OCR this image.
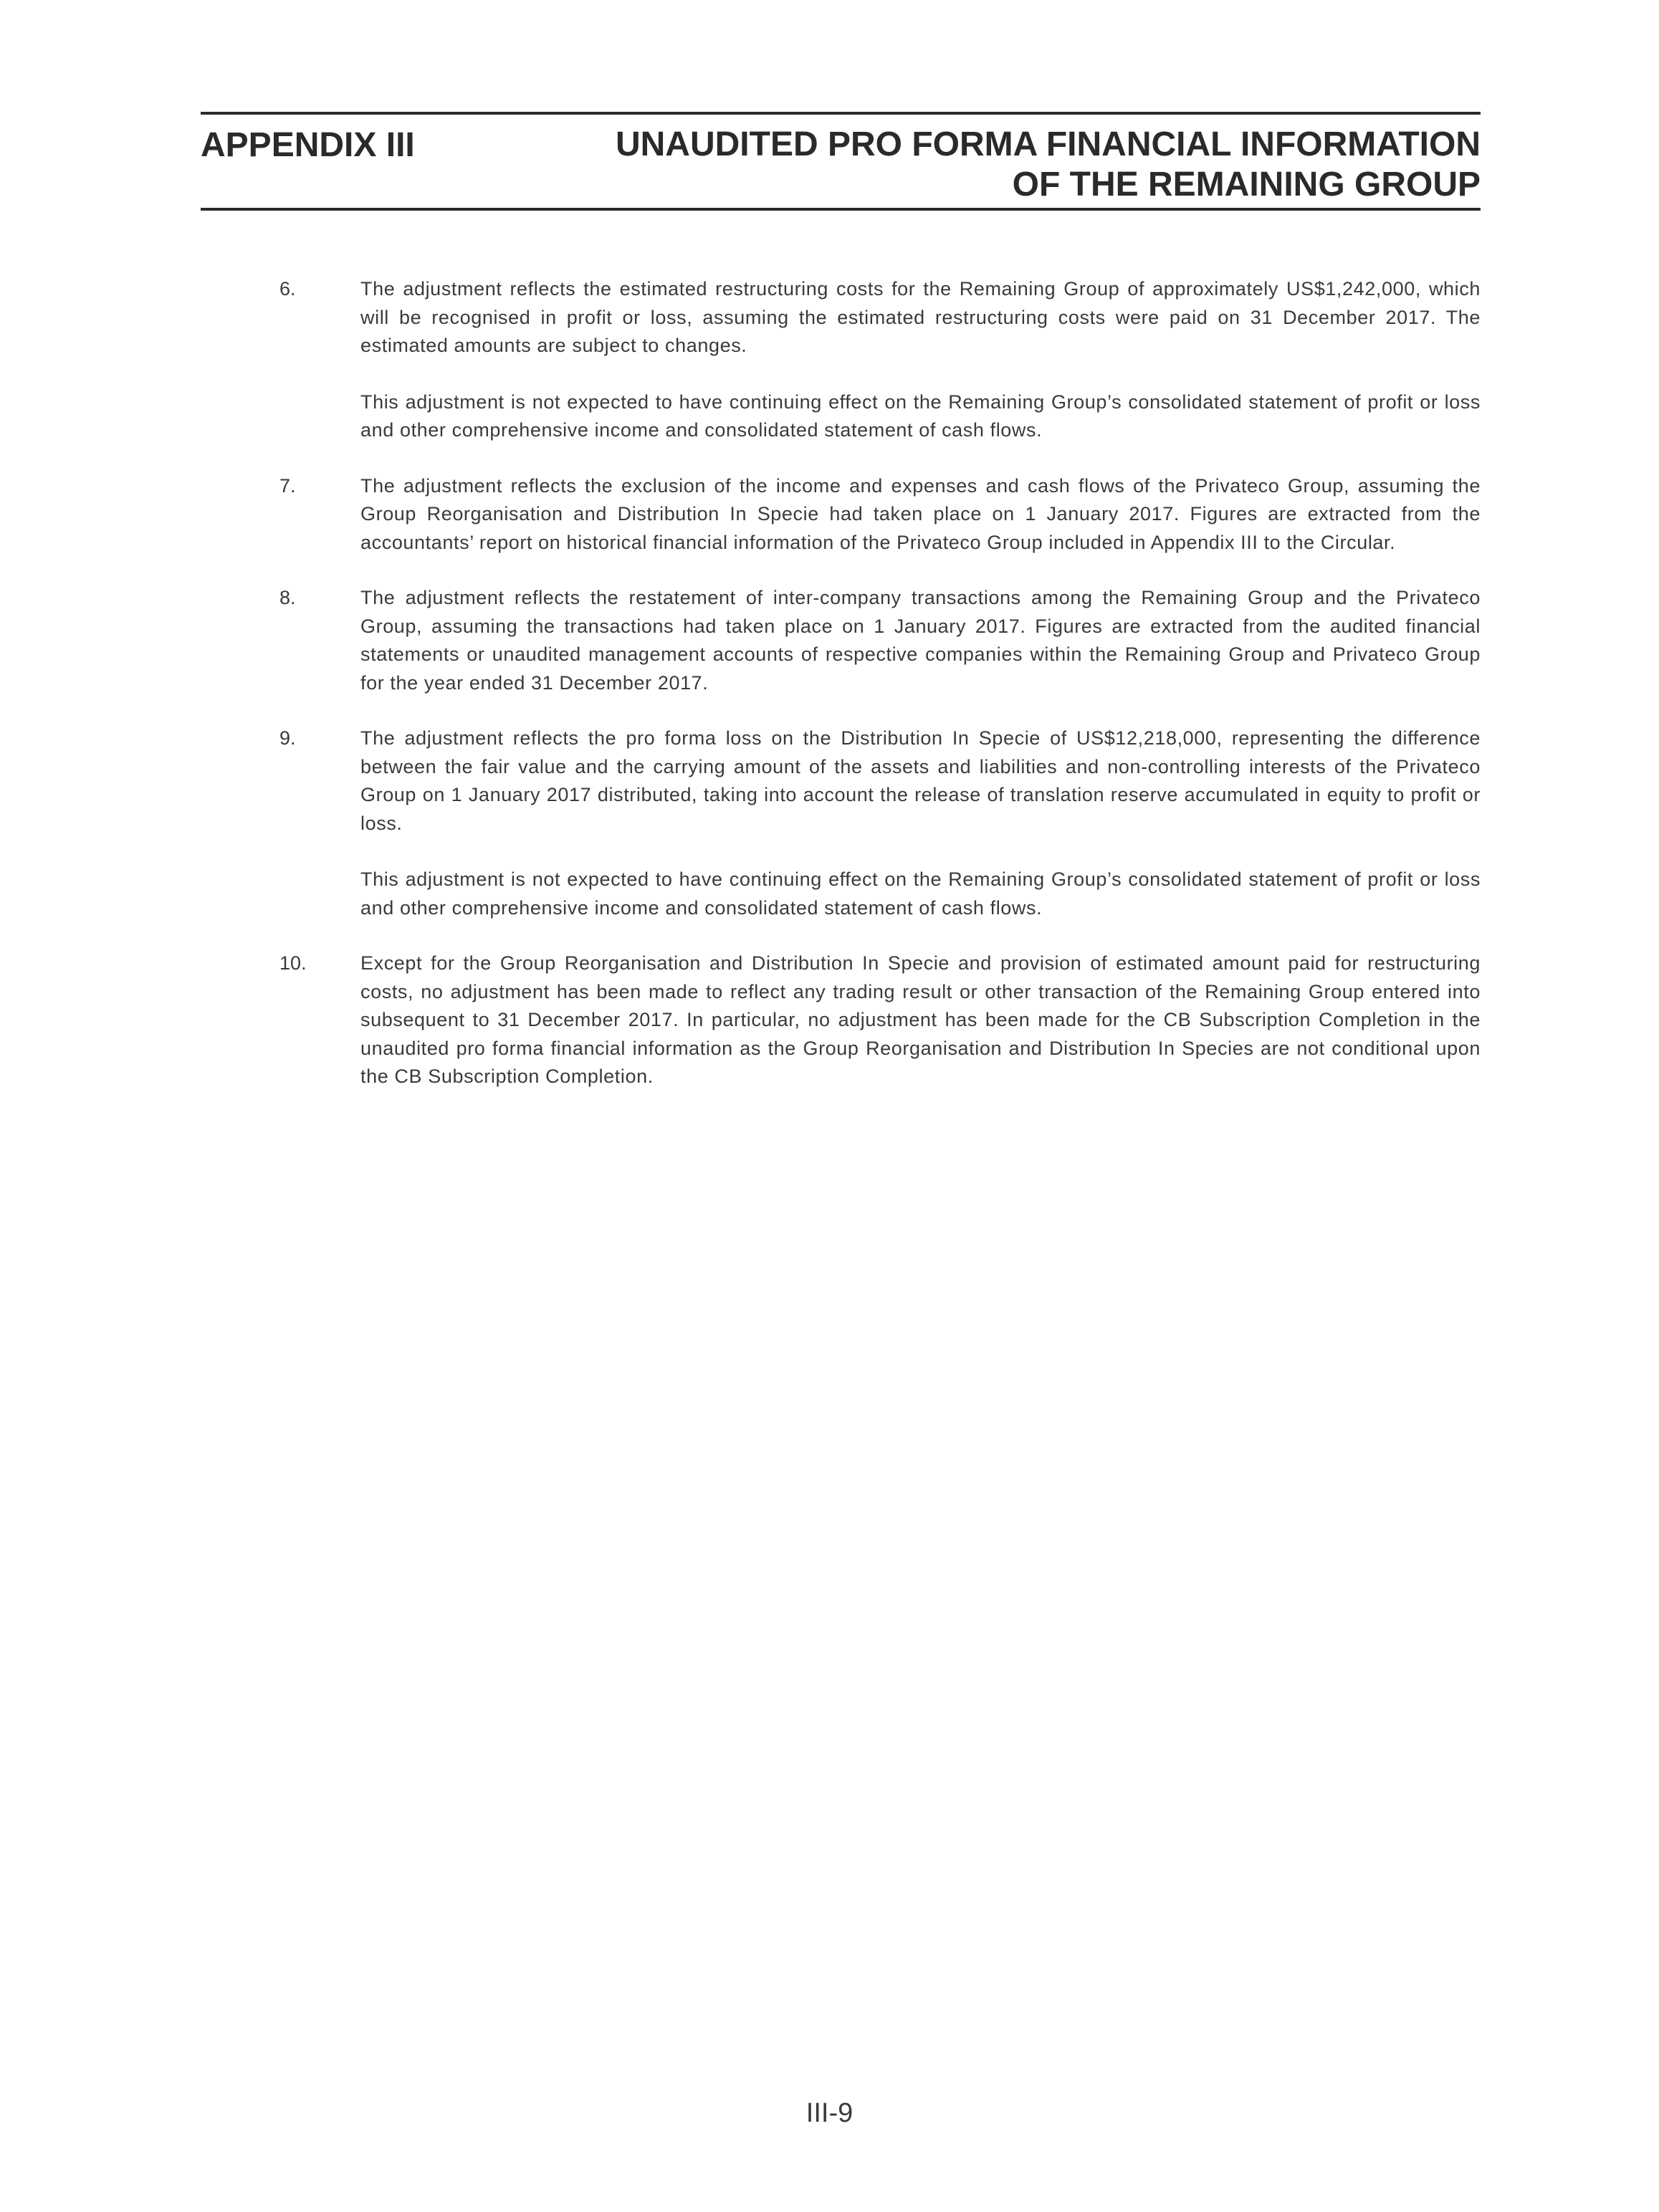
APPENDIX III	UNAUDITED PRO FORMA FINANCIAL INFORMATION
OF THE REMAINING GROUP
6.	The adjustment reflects the estimated restructuring costs for the Remaining Group of approximately US$1,242,000, which will be recognised in profit or loss, assuming the estimated restructuring costs were paid on 31 December 2017. The estimated amounts are subject to changes.

This adjustment is not expected to have continuing effect on the Remaining Group’s consolidated statement of profit or loss and other comprehensive income and consolidated statement of cash flows.

7.	The adjustment reflects the exclusion of the income and expenses and cash flows of the Privateco Group, assuming the Group Reorganisation and Distribution In Specie had taken place on 1 January 2017. Figures are extracted from the accountants’ report on historical financial information of the Privateco Group included in Appendix III to the Circular.

8.	The adjustment reflects the restatement of inter-company transactions among the Remaining Group and the Privateco Group, assuming the transactions had taken place on 1 January 2017. Figures are extracted from the audited financial statements or unaudited management accounts of respective companies within the Remaining Group and Privateco Group for the year ended 31 December 2017.

9.	The adjustment reflects the pro forma loss on the Distribution In Specie of US$12,218,000, representing the difference between the fair value and the carrying amount of the assets and liabilities and non-controlling interests of the Privateco Group on 1 January 2017 distributed, taking into account the release of translation reserve accumulated in equity to profit or loss.

This adjustment is not expected to have continuing effect on the Remaining Group’s consolidated statement of profit or loss and other comprehensive income and consolidated statement of cash flows.

10.	Except for the Group Reorganisation and Distribution In Specie and provision of estimated amount paid for restructuring costs, no adjustment has been made to reflect any trading result or other transaction of the Remaining Group entered into subsequent to 31 December 2017. In particular, no adjustment has been made for the CB Subscription Completion in the unaudited pro forma financial information as the Group Reorganisation and Distribution In Species are not conditional upon the CB Subscription Completion.

III-9
